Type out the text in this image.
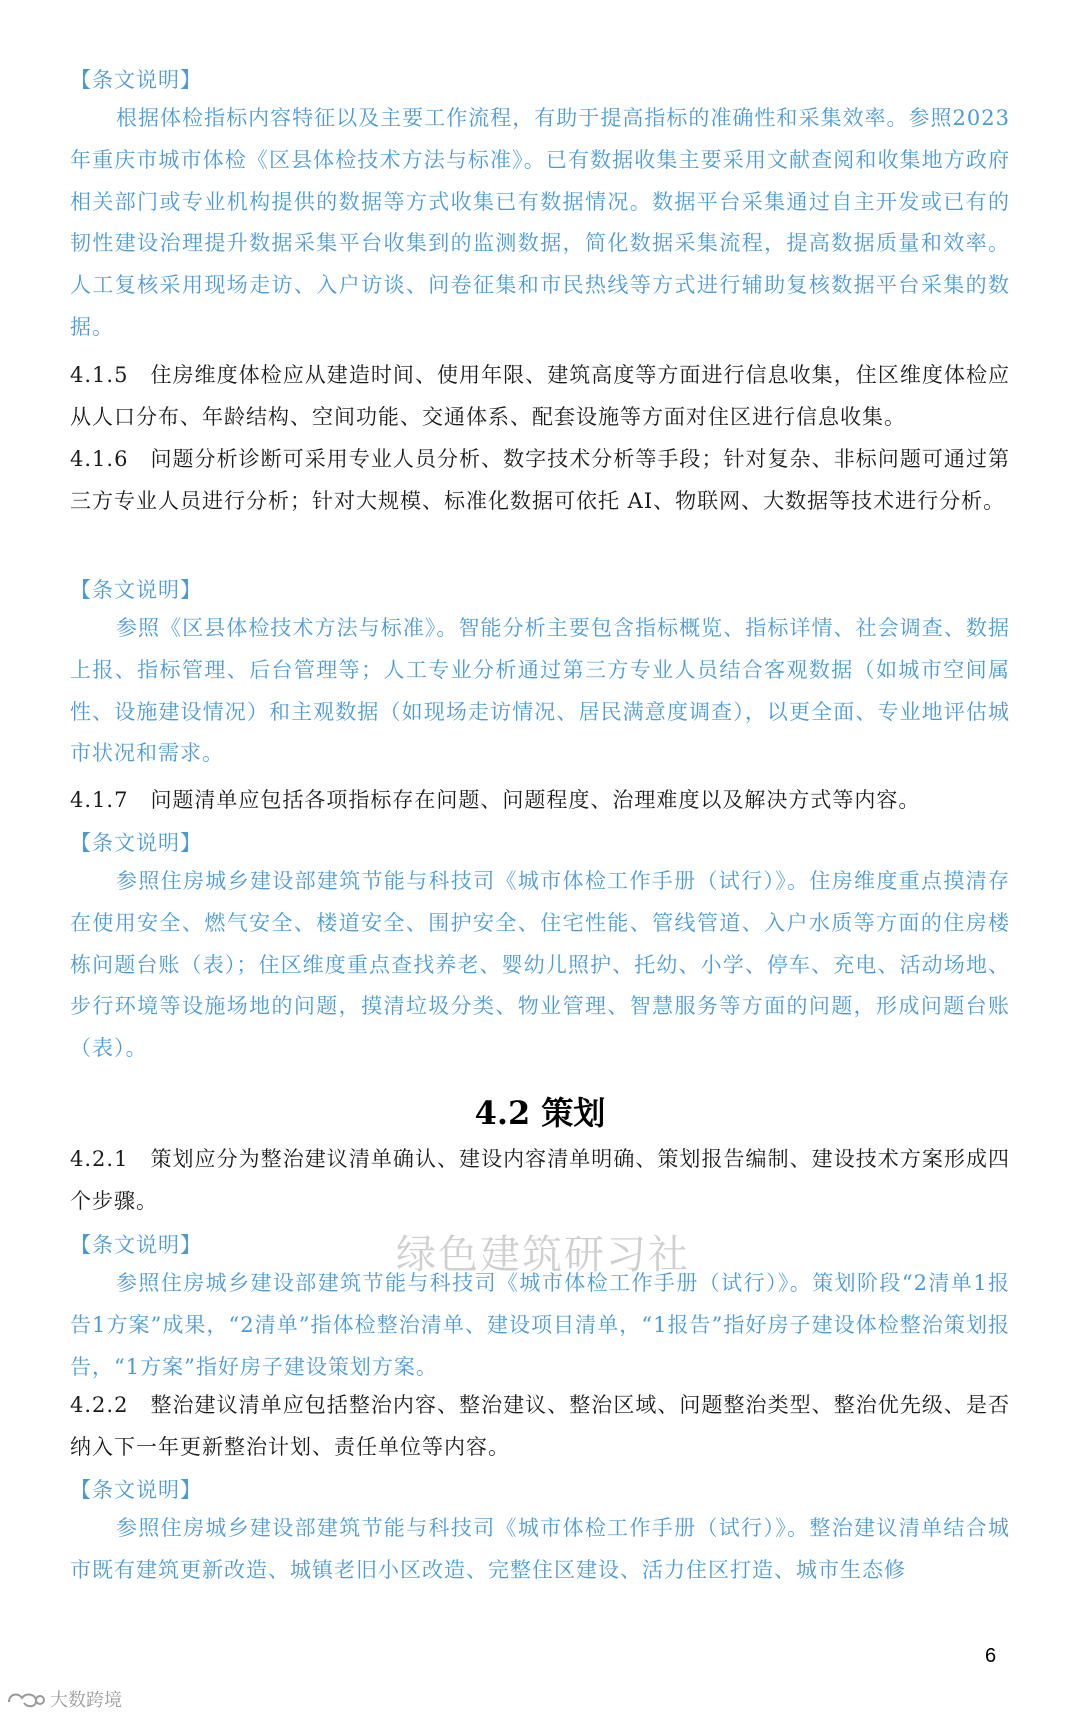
【条文说明】

根据体检指标内容特征以及主要工作流程，有助于提高指标的准确性和采集效率。参照2023年重庆市城市体检《区县体检技术方法与标准》。已有数据收集主要采用文献查阅和收集地方政府相关部门或专业机构提供的数据等方式收集已有数据情况。数据平台采集通过自主开发或已有的韧性建设治理提升数据采集平台收集到的监测数据，简化数据采集流程，提高数据质量和效率。人工复核采用现场走访、入户访谈、问卷征集和市民热线等方式进行辅助复核数据平台采集的数据。

4.1.5 住房维度体检应从建造时间、使用年限、建筑高度等方面进行信息收集，住区维度体检应从人口分布、年龄结构、空间功能、交通体系、配套设施等方面对住区进行信息收集。

4.1.6 问题分析诊断可采用专业人员分析、数字技术分析等手段；针对复杂、非标问题可通过第三方专业人员进行分析；针对大规模、标准化数据可依托 AI、物联网、大数据等技术进行分析。

【条文说明】

参照《区县体检技术方法与标准》。智能分析主要包含指标概览、指标详情、社会调查、数据上报、指标管理、后台管理等；人工专业分析通过第三方专业人员结合客观数据（如城市空间属性、设施建设情况）和主观数据（如现场走访情况、居民满意度调查），以更全面、专业地评估城市状况和需求。

4.1.7 问题清单应包括各项指标存在问题、问题程度、治理难度以及解决方式等内容。

【条文说明】

参照住房城乡建设部建筑节能与科技司《城市体检工作手册（试行）》。住房维度重点摸清存在使用安全、燃气安全、楼道安全、围护安全、住宅性能、管线管道、入户水质等方面的住房楼栋问题台账（表）；住区维度重点查找养老、婴幼儿照护、托幼、小学、停车、充电、活动场地、步行环境等设施场地的问题，摸清垃圾分类、物业管理、智慧服务等方面的问题，形成问题台账（表）。

4.2 策划

4.2.1 策划应分为整治建议清单确认、建设内容清单明确、策划报告编制、建设技术方案形成四个步骤。

绿色建筑研习社
【条文说明】

参照住房城乡建设部建筑节能与科技司《城市体检工作手册（试行）》。策划阶段“2清单1报告1方案”成果，“2清单”指体检整治清单、建设项目清单，“1报告”指好房子建设体检整治策划报告，“1方案”指好房子建设策划方案。

4.2.2 整治建议清单应包括整治内容、整治建议、整治区域、问题整治类型、整治优先级、是否纳入下一年更新整治计划、责任单位等内容。

【条文说明】

参照住房城乡建设部建筑节能与科技司《城市体检工作手册（试行）》。整治建议清单结合城市既有建筑更新改造、城镇老旧小区改造、完整住区建设、活力住区打造、城市生态修

6
大数跨境
